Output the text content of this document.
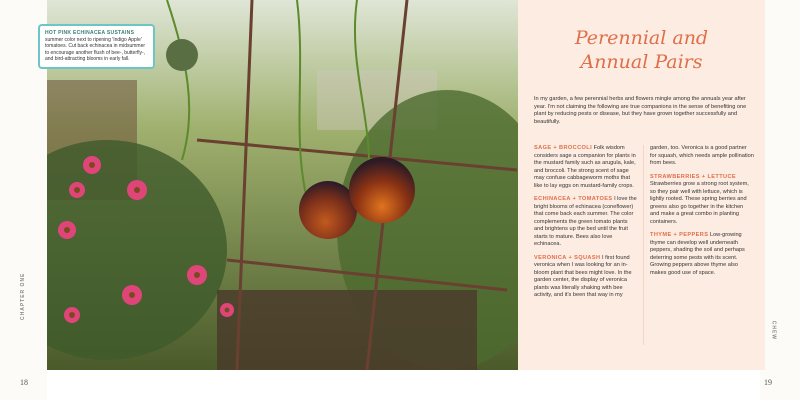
CHAPTER ONE
CHEW
18	19
HOT PINK ECHINACEA SUSTAINS summer color next to ripening 'Indigo Apple' tomatoes. Cut back echinacea in midsummer to encourage another flush of bee-, butterfly-, and bird-attracting blooms in early fall.
Perennial and
Annual Pairs
In my garden, a few perennial herbs and flowers mingle among the annuals year after year. I'm not claiming the following are true companions in the sense of benefiting one plant by reducing pests or disease, but they have grown together successfully and beautifully.

SAGE + BROCCOLI Folk wisdom considers sage a companion for plants in the mustard family such as arugula, kale, and broccoli. The strong scent of sage may confuse cabbageworm moths that like to lay eggs on mustard-family crops.

ECHINACEA + TOMATOES I love the bright blooms of echinacea (coneflower) that come back each summer. The color complements the green tomato plants and brightens up the bed until the fruit starts to mature. Bees also love echinacea.

VERONICA + SQUASH I first found veronica when I was looking for an in-bloom plant that bees might love. In the garden center, the display of veronica plants was literally shaking with bee activity, and it's been that way in my

garden, too. Veronica is a good partner for squash, which needs ample pollination from bees.

STRAWBERRIES + LETTUCE Strawberries grow a strong root system, so they pair well with lettuce, which is lightly rooted. These spring berries and greens also go together in the kitchen and make a great combo in planting containers.

THYME + PEPPERS Low-growing thyme can develop well underneath peppers, shading the soil and perhaps deterring some pests with its scent. Growing peppers above thyme also makes good use of space.
